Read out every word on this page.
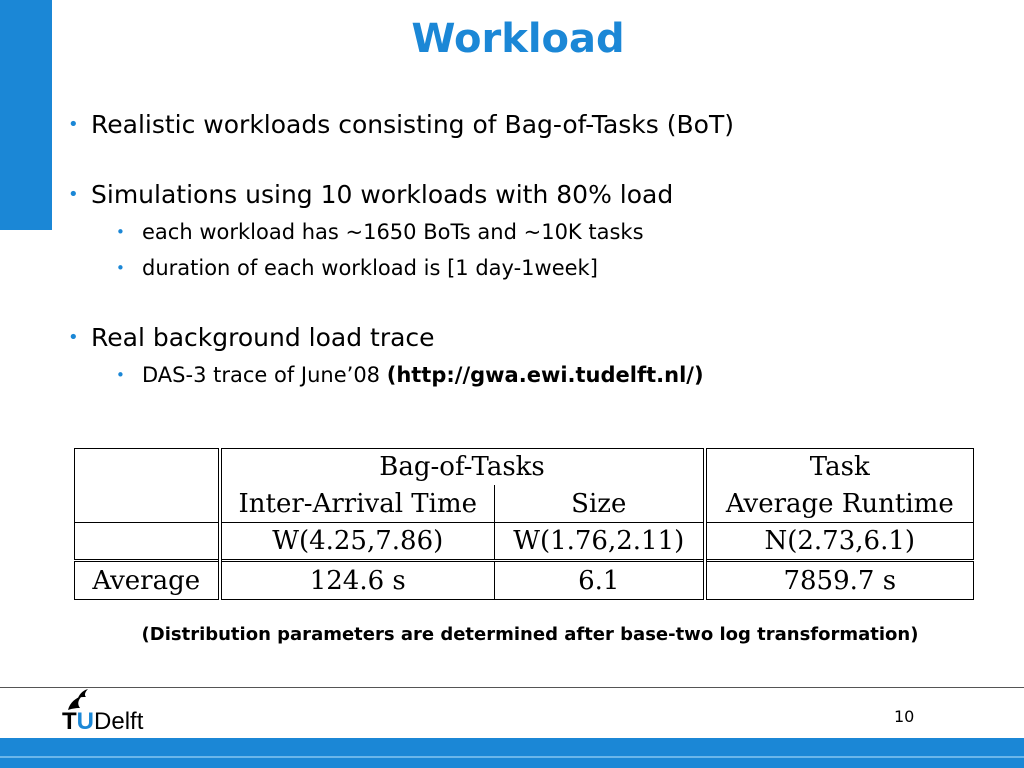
Workload
• Realistic workloads consisting of Bag-of-Tasks (BoT)
• Simulations using 10 workloads with 80% load
• each workload has ~1650 BoTs and ~10K tasks
• duration of each workload is [1 day-1week]
• Real background load trace
• DAS-3 trace of June’08 (http://gwa.ewi.tudelft.nl/)
	Bag-of-Tasks		Task
	Inter-Arrival Time	Size	Average Runtime
	W(4.25,7.86)	W(1.76,2.11)	N(2.73,6.1)
Average	124.6 s	6.1	7859.7 s
(Distribution parameters are determined after base-two log transformation)
TUDelft	10
